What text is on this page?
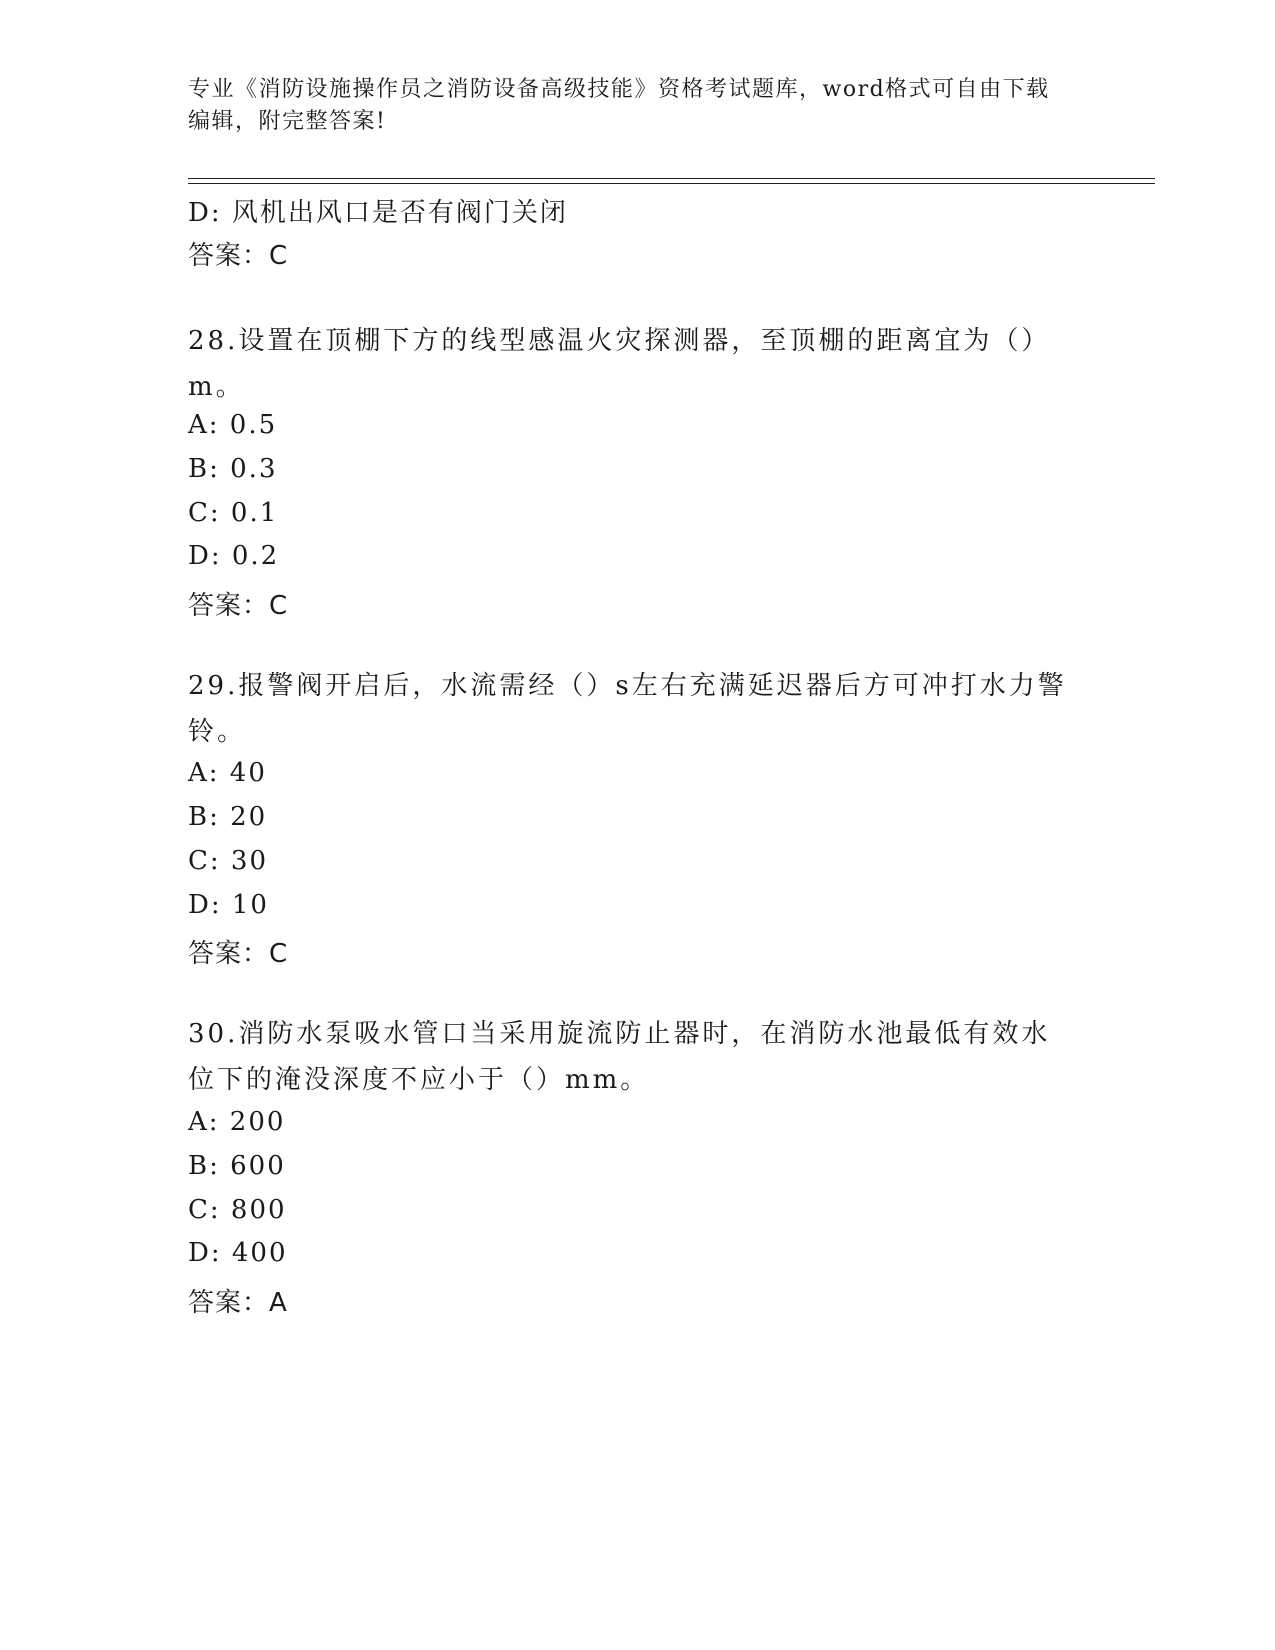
专业《消防设施操作员之消防设备高级技能》资格考试题库，word格式可自由下载编辑，附完整答案!
D: 风机出风口是否有阀门关闭
答案：C
28.设置在顶棚下方的线型感温火灾探测器，至顶棚的距离宜为（）m。
A: 0.5
B: 0.3
C: 0.1
D: 0.2
答案：C
29.报警阀开启后，水流需经（）s左右充满延迟器后方可冲打水力警铃。
A: 40
B: 20
C: 30
D: 10
答案：C
30.消防水泵吸水管口当采用旋流防止器时，在消防水池最低有效水位下的淹没深度不应小于（）mm。
A: 200
B: 600
C: 800
D: 400
答案：A
